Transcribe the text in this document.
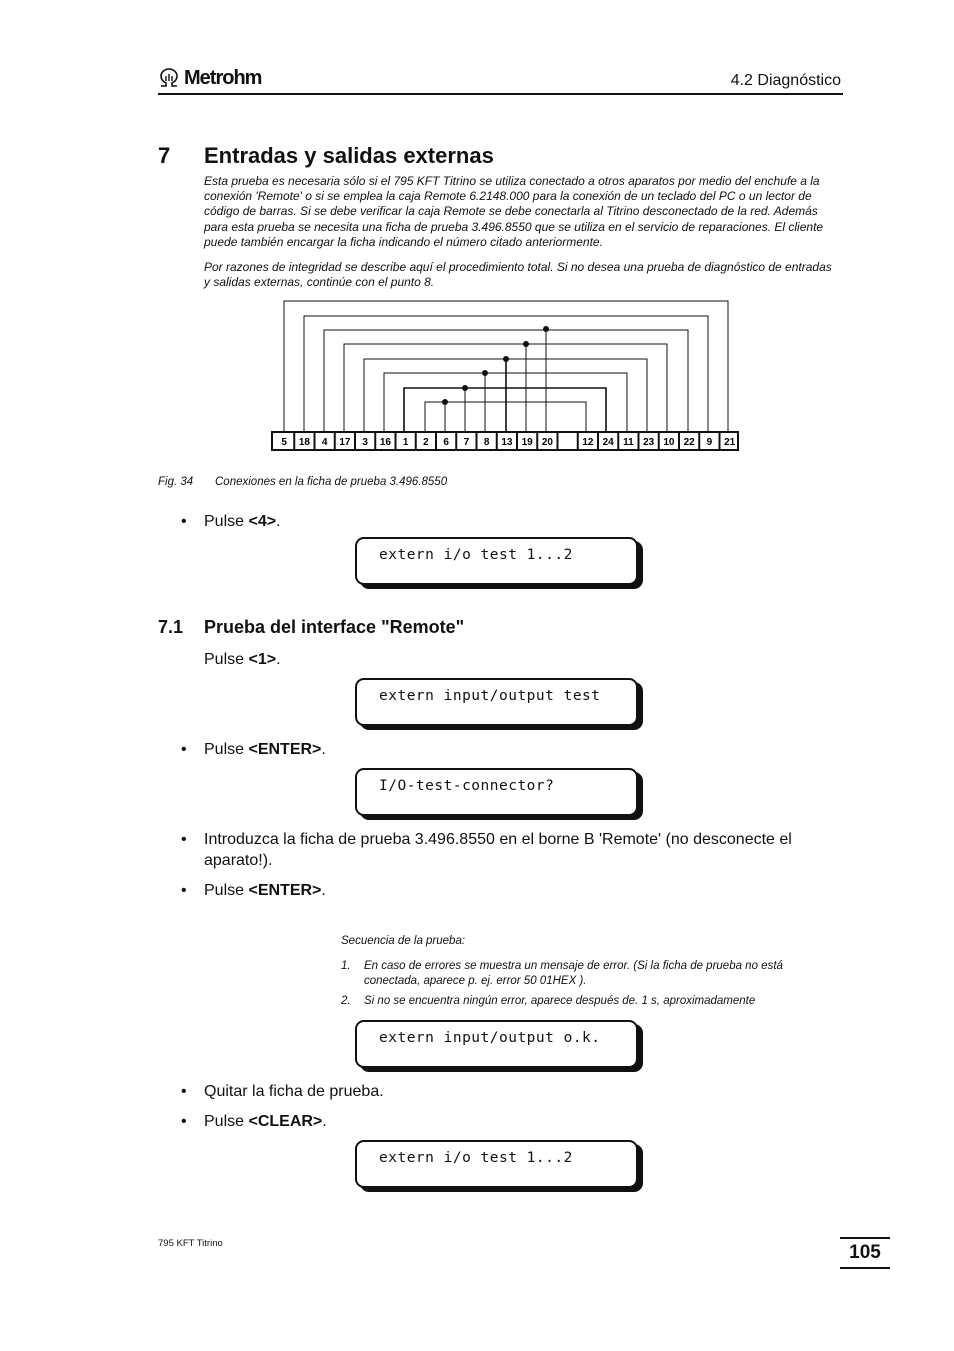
Metrohm	4.2 Diagnóstico
7 Entradas y salidas externas
Esta prueba es necesaria sólo si el 795 KFT Titrino se utiliza conectado a otros aparatos por medio del enchufe a la conexión 'Remote' o si se emplea la caja Remote 6.2148.000 para la conexión de un teclado del PC o un lector de código de barras. Si se debe verificar la caja Remote se debe conectarla al Titrino desconectado de la red. Además para esta prueba se necesita una ficha de prueba 3.496.8550 que se utiliza en el servicio de reparaciones. El cliente puede también encargar la ficha indicando el número citado anteriormente.
Por razones de integridad se describe aquí el procedimiento total. Si no desea una prueba de diagnóstico de entradas y salidas externas, continúe con el punto 8.
5 18 4 17 3 16 1 2 6 7 8 13 19 20	12 24 11 23 10 22 9 21
Fig. 34 Conexiones en la ficha de prueba 3.496.8550
• Pulse <4>.
extern i/o test 1...2
7.1 Prueba del interface "Remote"
Pulse <1>.
extern input/output test
• Pulse <ENTER>.
I/O-test-connector?
• Introduzca la ficha de prueba 3.496.8550 en el borne B 'Remote' (no desconecte el aparato!).
• Pulse <ENTER>.
Secuencia de la prueba:
1. En caso de errores se muestra un mensaje de error. (Si la ficha de prueba no está conectada, aparece p. ej. error 50 01HEX ).
2. Si no se encuentra ningún error, aparece después de. 1 s, aproximadamente
extern input/output o.k.
• Quitar la ficha de prueba.
• Pulse <CLEAR>.
extern i/o test 1...2
795 KFT Titrino	105
